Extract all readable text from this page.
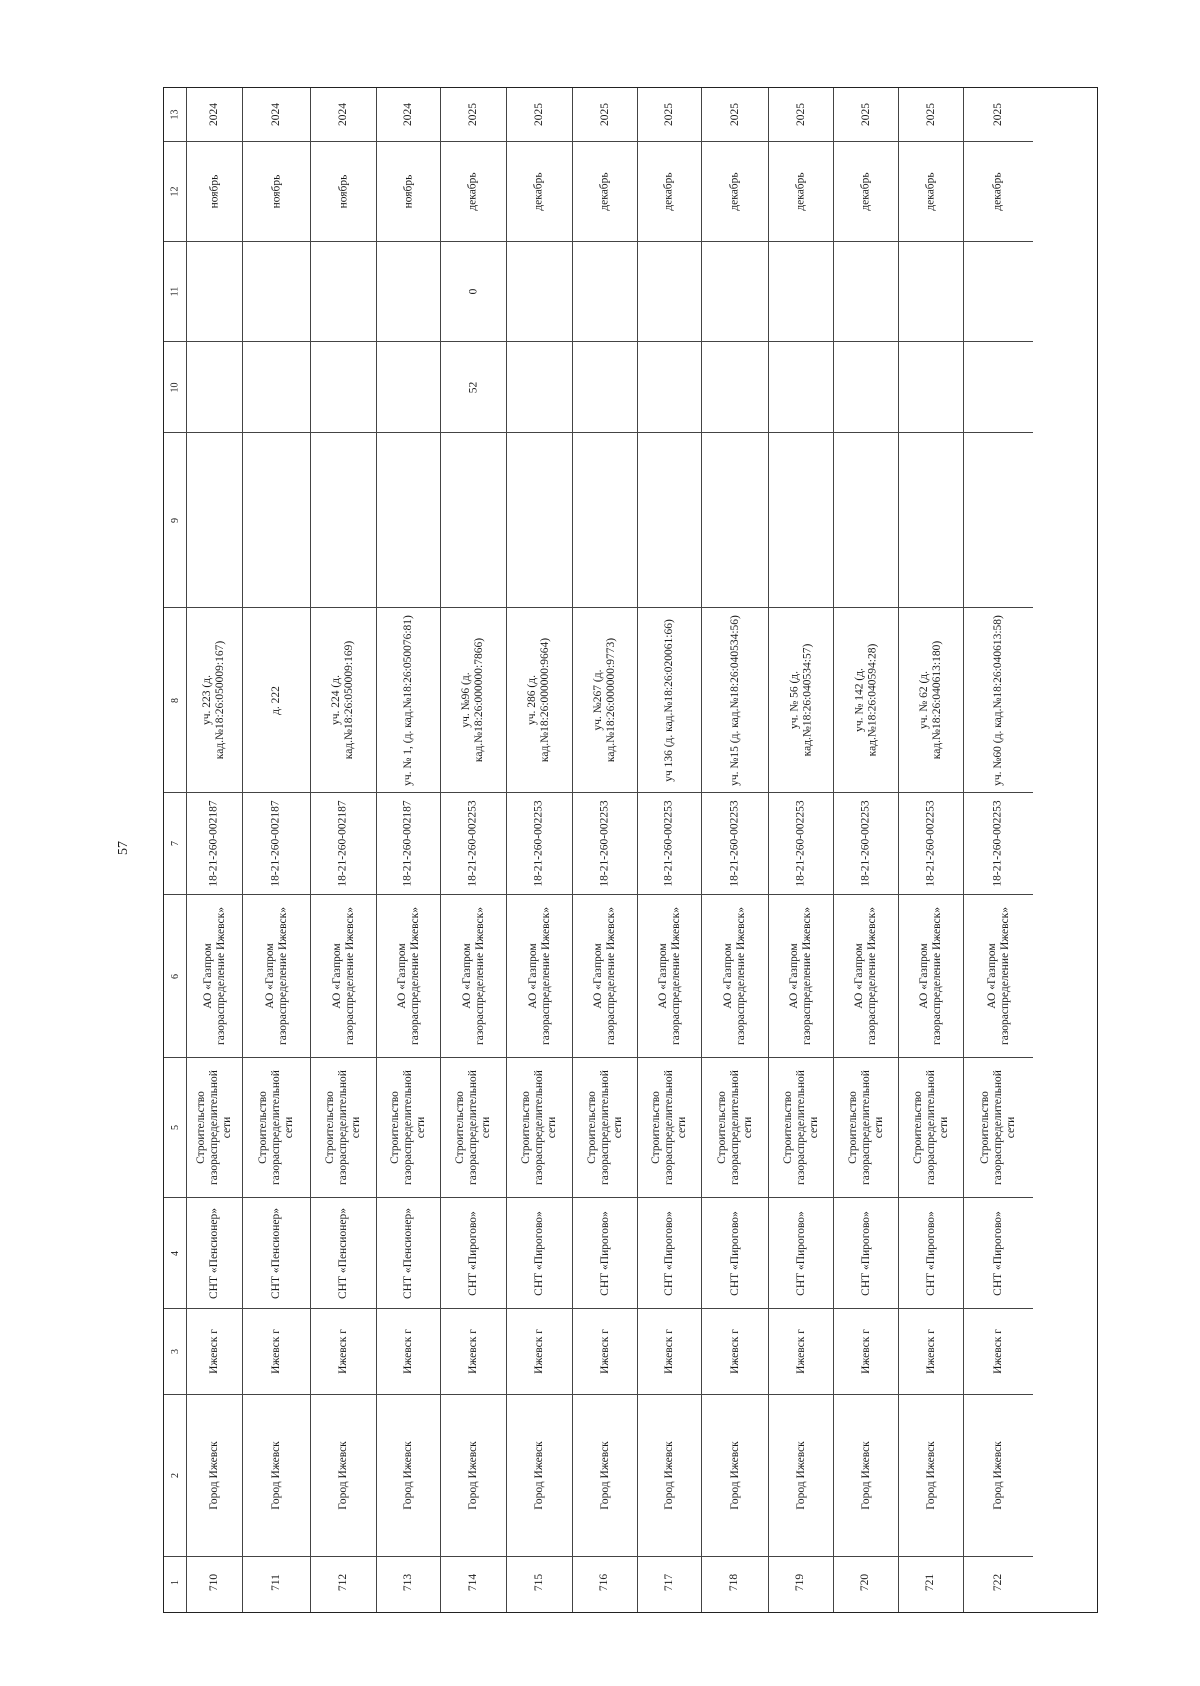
57
13
12
11
10
9
8
7
6
5
4
3
2
1
2024
ноябрь
уч. 223 (д.
кад.№18:26:050009:167)
18-21-260-002187
АО «Газпром
газораспределение Ижевск»
Строительство
газораспределительной
сети
СНТ «Пенсионер»
Ижевск г
Город Ижевск
710
2024
ноябрь
д. 222
18-21-260-002187
АО «Газпром
газораспределение Ижевск»
Строительство
газораспределительной
сети
СНТ «Пенсионер»
Ижевск г
Город Ижевск
711
2024
ноябрь
уч. 224 (д.
кад.№18:26:050009:169)
18-21-260-002187
АО «Газпром
газораспределение Ижевск»
Строительство
газораспределительной
сети
СНТ «Пенсионер»
Ижевск г
Город Ижевск
712
2024
ноябрь
уч. № 1, (д. кад.№18:26:050076:81)
18-21-260-002187
АО «Газпром
газораспределение Ижевск»
Строительство
газораспределительной
сети
СНТ «Пенсионер»
Ижевск г
Город Ижевск
713
2025
декабрь
0
52
уч. №96 (д.
кад.№18:26:000000:7866)
18-21-260-002253
АО «Газпром
газораспределение Ижевск»
Строительство
газораспределительной
сети
СНТ «Пирогово»
Ижевск г
Город Ижевск
714
2025
декабрь
уч. 286 (д.
кад.№18:26:000000:9664)
18-21-260-002253
АО «Газпром
газораспределение Ижевск»
Строительство
газораспределительной
сети
СНТ «Пирогово»
Ижевск г
Город Ижевск
715
2025
декабрь
уч. №267 (д.
кад.№18:26:000000:9773)
18-21-260-002253
АО «Газпром
газораспределение Ижевск»
Строительство
газораспределительной
сети
СНТ «Пирогово»
Ижевск г
Город Ижевск
716
2025
декабрь
уч 136 (д. кад.№18:26:020061:66)
18-21-260-002253
АО «Газпром
газораспределение Ижевск»
Строительство
газораспределительной
сети
СНТ «Пирогово»
Ижевск г
Город Ижевск
717
2025
декабрь
уч. №15 (д. кад.№18:26:040534:56)
18-21-260-002253
АО «Газпром
газораспределение Ижевск»
Строительство
газораспределительной
сети
СНТ «Пирогово»
Ижевск г
Город Ижевск
718
2025
декабрь
уч. № 56 (д.
кад.№18:26:040534:57)
18-21-260-002253
АО «Газпром
газораспределение Ижевск»
Строительство
газораспределительной
сети
СНТ «Пирогово»
Ижевск г
Город Ижевск
719
2025
декабрь
уч. № 142 (д.
кад.№18:26:040594:28)
18-21-260-002253
АО «Газпром
газораспределение Ижевск»
Строительство
газораспределительной
сети
СНТ «Пирогово»
Ижевск г
Город Ижевск
720
2025
декабрь
уч. № 62 (д.
кад.№18:26:040613:180)
18-21-260-002253
АО «Газпром
газораспределение Ижевск»
Строительство
газораспределительной
сети
СНТ «Пирогово»
Ижевск г
Город Ижевск
721
2025
декабрь
уч. №60 (д. кад.№18:26:040613:58)
18-21-260-002253
АО «Газпром
газораспределение Ижевск»
Строительство
газораспределительной
сети
СНТ «Пирогово»
Ижевск г
Город Ижевск
722
